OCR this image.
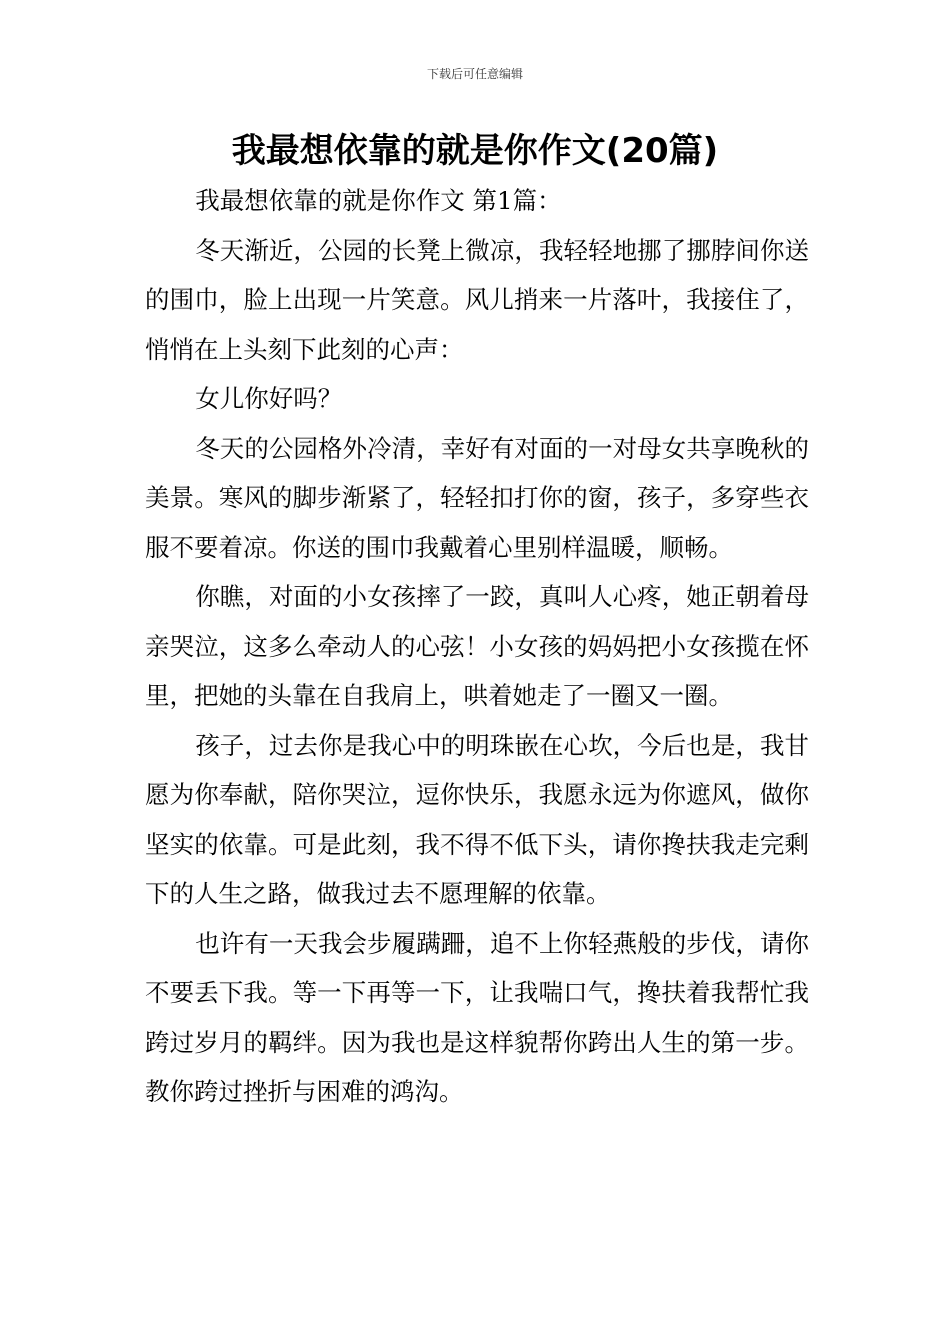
下载后可任意编辑
我最想依靠的就是你作文(20篇)

我最想依靠的就是你作文 第1篇：

冬天渐近，公园的长凳上微凉，我轻轻地挪了挪脖间你送的围巾，脸上出现一片笑意。风儿捎来一片落叶，我接住了，悄悄在上头刻下此刻的心声：

女儿你好吗？

冬天的公园格外冷清，幸好有对面的一对母女共享晚秋的美景。寒风的脚步渐紧了，轻轻扣打你的窗，孩子，多穿些衣服不要着凉。你送的围巾我戴着心里别样温暖，顺畅。

你瞧，对面的小女孩摔了一跤，真叫人心疼，她正朝着母亲哭泣，这多么牵动人的心弦！小女孩的妈妈把小女孩揽在怀里，把她的头靠在自我肩上，哄着她走了一圈又一圈。

孩子，过去你是我心中的明珠嵌在心坎，今后也是，我甘愿为你奉献，陪你哭泣，逗你快乐，我愿永远为你遮风，做你坚实的依靠。可是此刻，我不得不低下头，请你搀扶我走完剩下的人生之路，做我过去不愿理解的依靠。

也许有一天我会步履蹒跚，追不上你轻燕般的步伐，请你不要丢下我。等一下再等一下，让我喘口气，搀扶着我帮忙我跨过岁月的羁绊。因为我也是这样貌帮你跨出人生的第一步。教你跨过挫折与困难的鸿沟。
